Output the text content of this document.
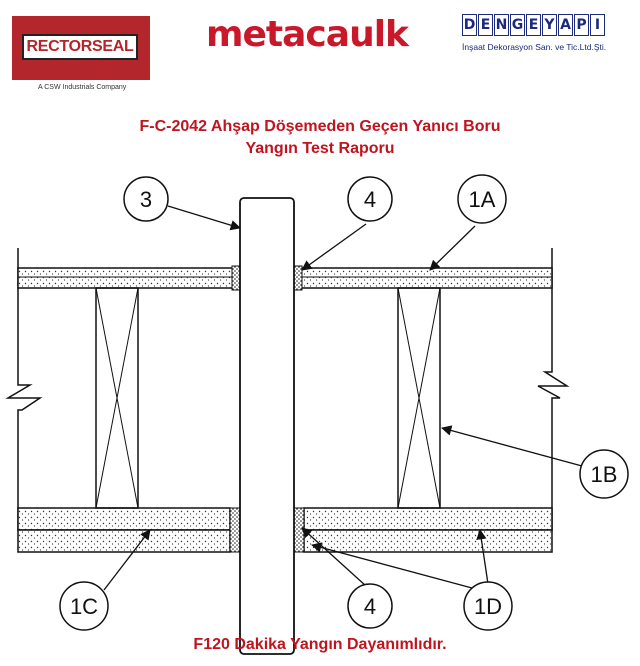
RECTORSEAL
A CSW Industrials Company
metacaulk	D E N G E Y A P I
İnşaat Dekorasyon San. ve Tic.Ltd.Şti.
F-C-2042 Ahşap Döşemeden Geçen Yanıcı Boru
Yangın Test Raporu
3	4	1A
1B
1C	4	1D
F120 Dakika Yangın Dayanımlıdır.
